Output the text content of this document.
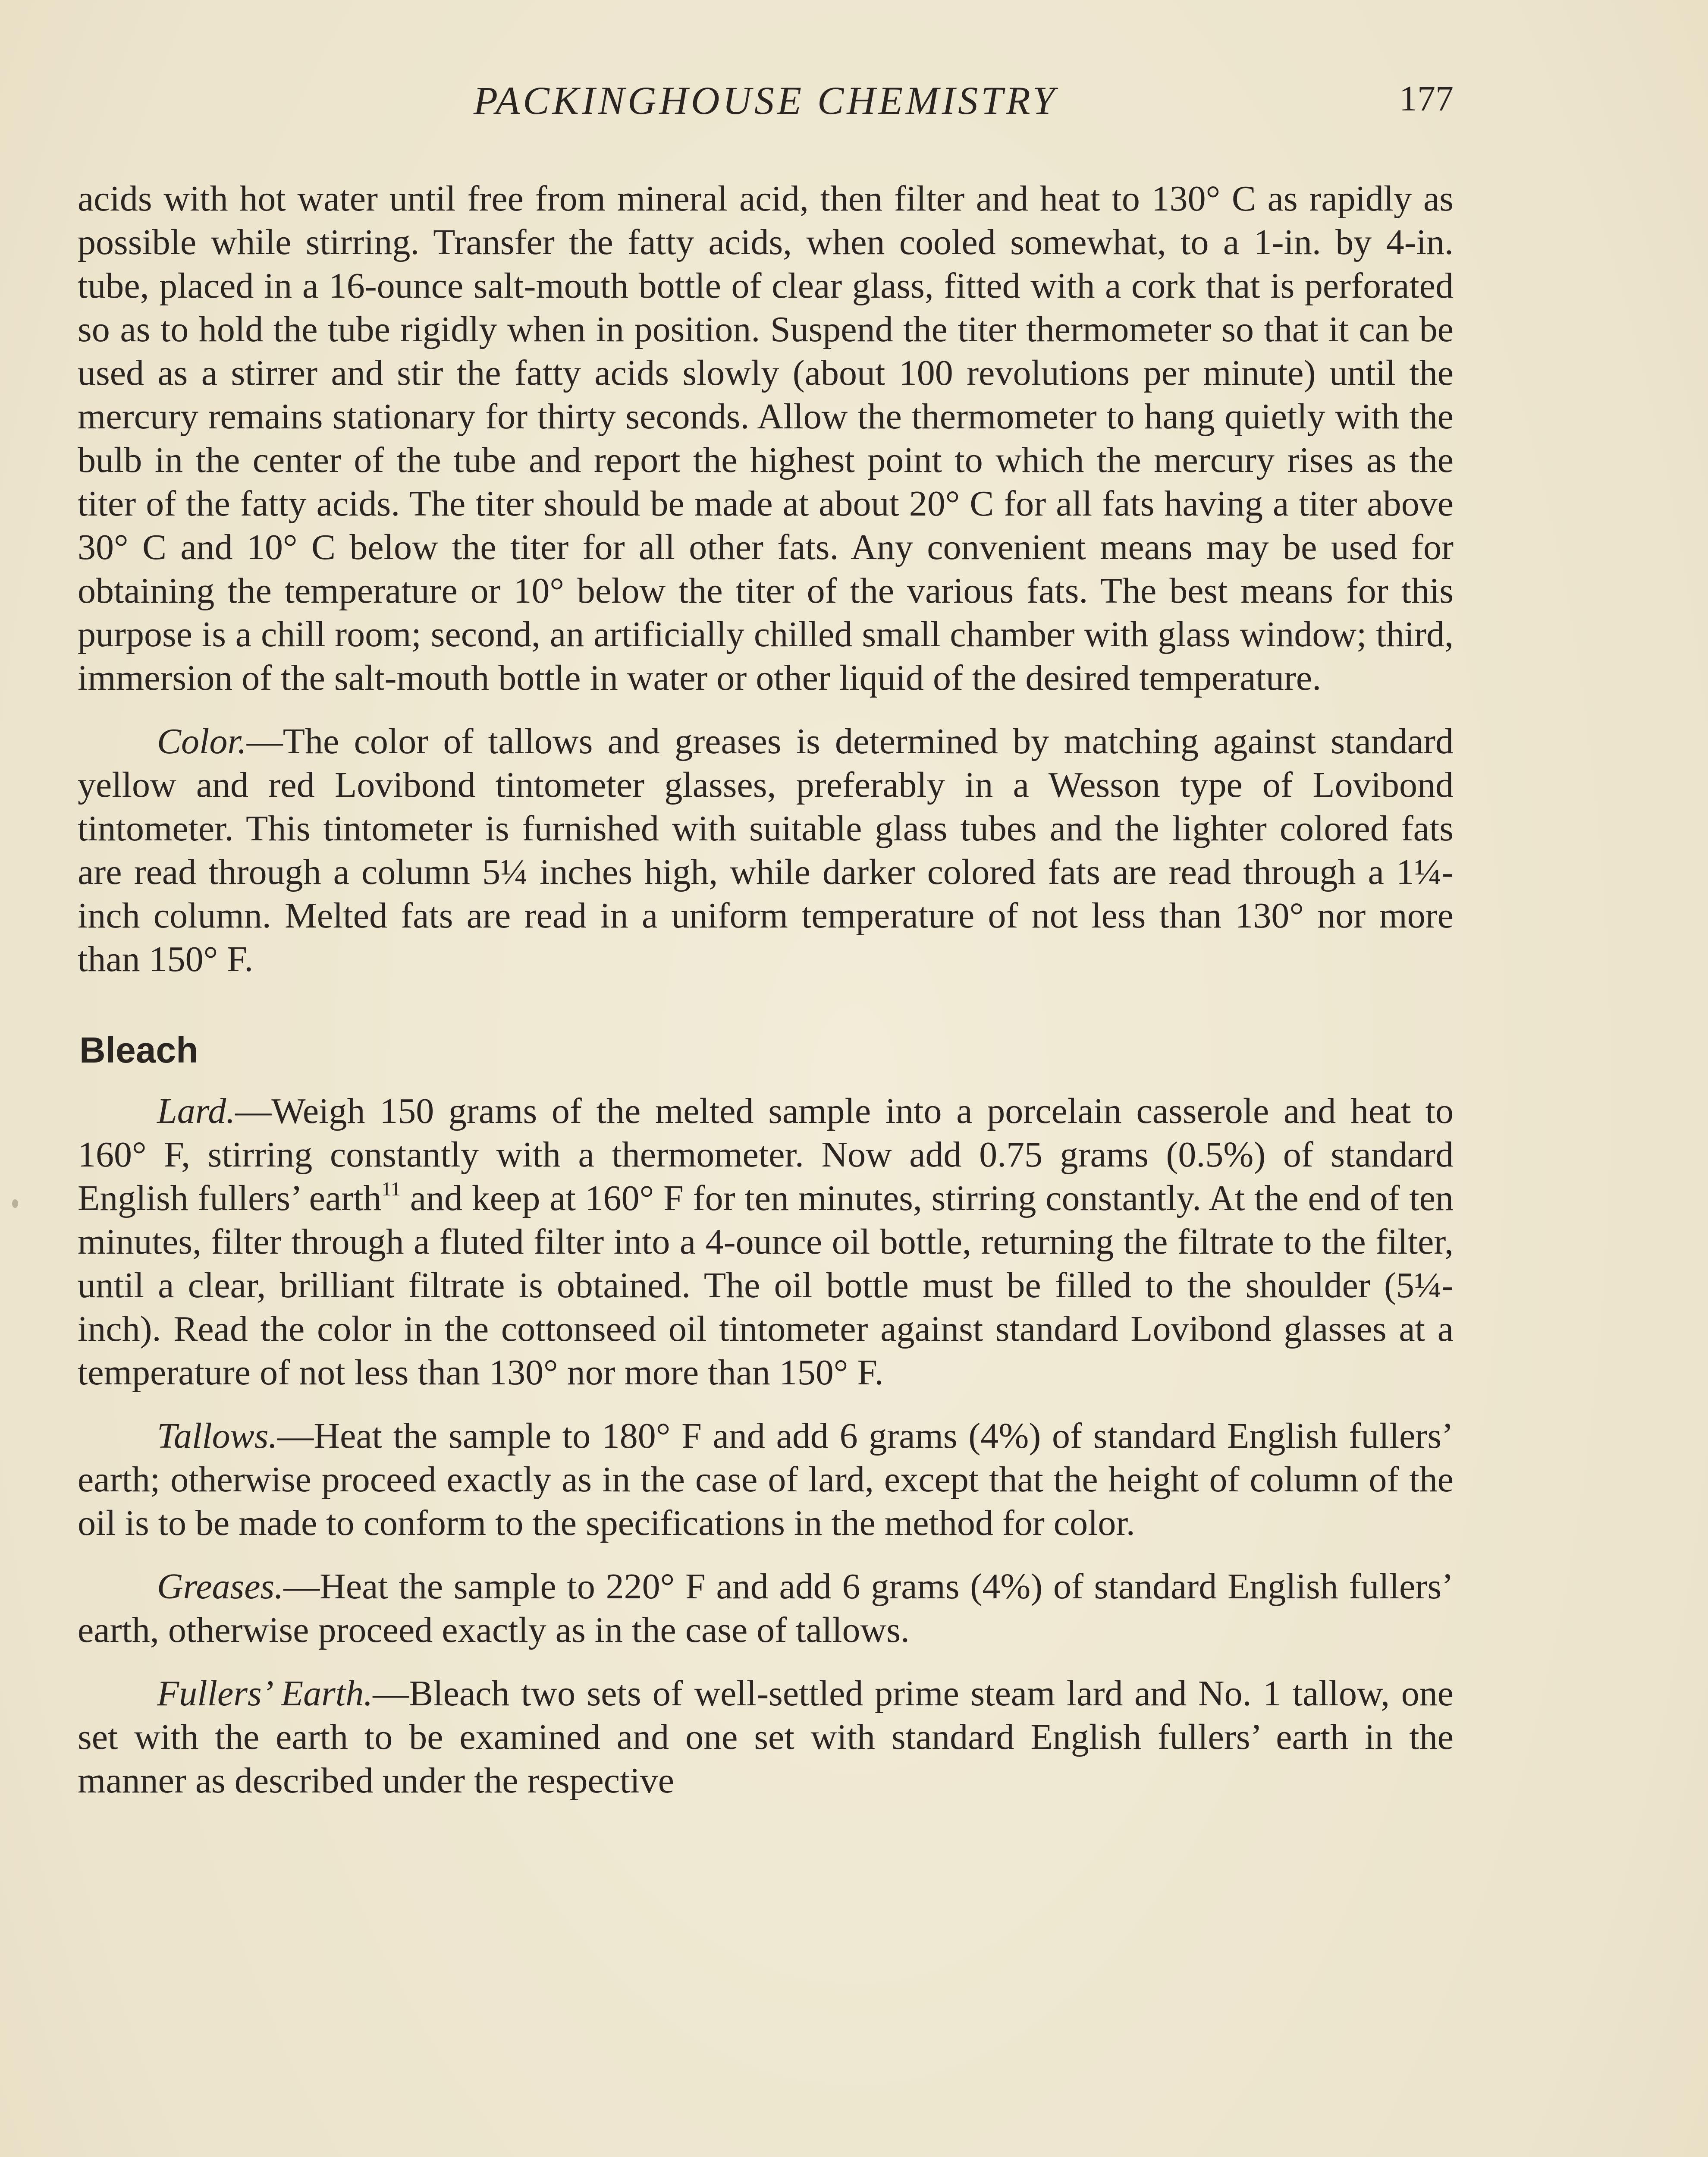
PACKINGHOUSE CHEMISTRY	177

acids with hot water until free from mineral acid, then filter and heat to 130° C as rapidly as possible while stirring. Transfer the fatty acids, when cooled somewhat, to a 1-in. by 4-in. tube, placed in a 16-ounce salt-mouth bottle of clear glass, fitted with a cork that is perforated so as to hold the tube rigidly when in position. Suspend the titer thermometer so that it can be used as a stirrer and stir the fatty acids slowly (about 100 revolutions per minute) until the mercury remains stationary for thirty seconds. Allow the thermometer to hang quietly with the bulb in the center of the tube and report the highest point to which the mercury rises as the titer of the fatty acids. The titer should be made at about 20° C for all fats having a titer above 30° C and 10° C below the titer for all other fats. Any convenient means may be used for obtaining the temperature or 10° below the titer of the various fats. The best means for this purpose is a chill room; second, an artificially chilled small chamber with glass window; third, immersion of the salt-mouth bottle in water or other liquid of the desired temperature.

Color.—The color of tallows and greases is determined by matching against standard yellow and red Lovibond tintometer glasses, preferably in a Wesson type of Lovibond tintometer. This tintometer is furnished with suitable glass tubes and the lighter colored fats are read through a column 5¼ inches high, while darker colored fats are read through a 1¼-inch column. Melted fats are read in a uniform temperature of not less than 130° nor more than 150° F.

Bleach

Lard.—Weigh 150 grams of the melted sample into a porcelain casserole and heat to 160° F, stirring constantly with a thermometer. Now add 0.75 grams (0.5%) of standard English fullers’ earth$^{11}$ and keep at 160° F for ten minutes, stirring constantly. At the end of ten minutes, filter through a fluted filter into a 4-ounce oil bottle, returning the filtrate to the filter, until a clear, brilliant filtrate is obtained. The oil bottle must be filled to the shoulder (5¼-inch). Read the color in the cottonseed oil tintometer against standard Lovibond glasses at a temperature of not less than 130° nor more than 150° F.

Tallows.—Heat the sample to 180° F and add 6 grams (4%) of standard English fullers’ earth; otherwise proceed exactly as in the case of lard, except that the height of column of the oil is to be made to conform to the specifications in the method for color.

Greases.—Heat the sample to 220° F and add 6 grams (4%) of standard English fullers’ earth, otherwise proceed exactly as in the case of tallows.

Fullers’ Earth.—Bleach two sets of well-settled prime steam lard and No. 1 tallow, one set with the earth to be examined and one set with standard English fullers’ earth in the manner as described under the respective
